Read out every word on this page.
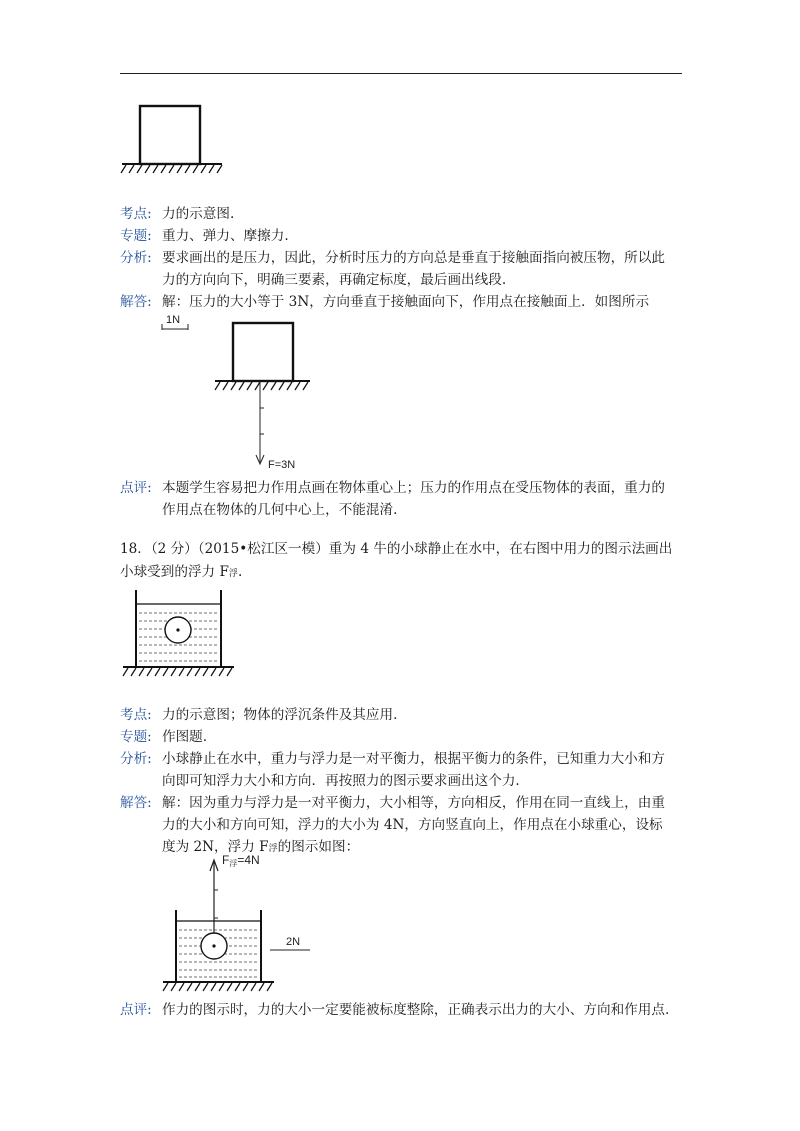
考点: 力的示意图.
专题: 重力、弹力、摩擦力.
分析: 要求画出的是压力，因此，分析时压力的方向总是垂直于接触面指向被压物，所以此
力的方向向下，明确三要素，再确定标度，最后画出线段.
解答: 解：压力的大小等于 3N，方向垂直于接触面向下，作用点在接触面上．如图所示
1N
F=3N
点评: 本题学生容易把力作用点画在物体重心上；压力的作用点在受压物体的表面，重力的
作用点在物体的几何中心上，不能混淆.
18．（2 分）（2015•松江区一模）重为 4 牛的小球静止在水中，在右图中用力的图示法画出
小球受到的浮力 F浮.
考点: 力的示意图；物体的浮沉条件及其应用.
专题: 作图题.
分析: 小球静止在水中，重力与浮力是一对平衡力，根据平衡力的条件，已知重力大小和方
向即可知浮力大小和方向．再按照力的图示要求画出这个力.
解答: 解：因为重力与浮力是一对平衡力，大小相等，方向相反，作用在同一直线上，由重
力的大小和方向可知，浮力的大小为 4N，方向竖直向上，作用点在小球重心，设标
度为 2N，浮力 F浮的图示如图：
F浮=4N
2N
点评: 作力的图示时，力的大小一定要能被标度整除，正确表示出力的大小、方向和作用点.
